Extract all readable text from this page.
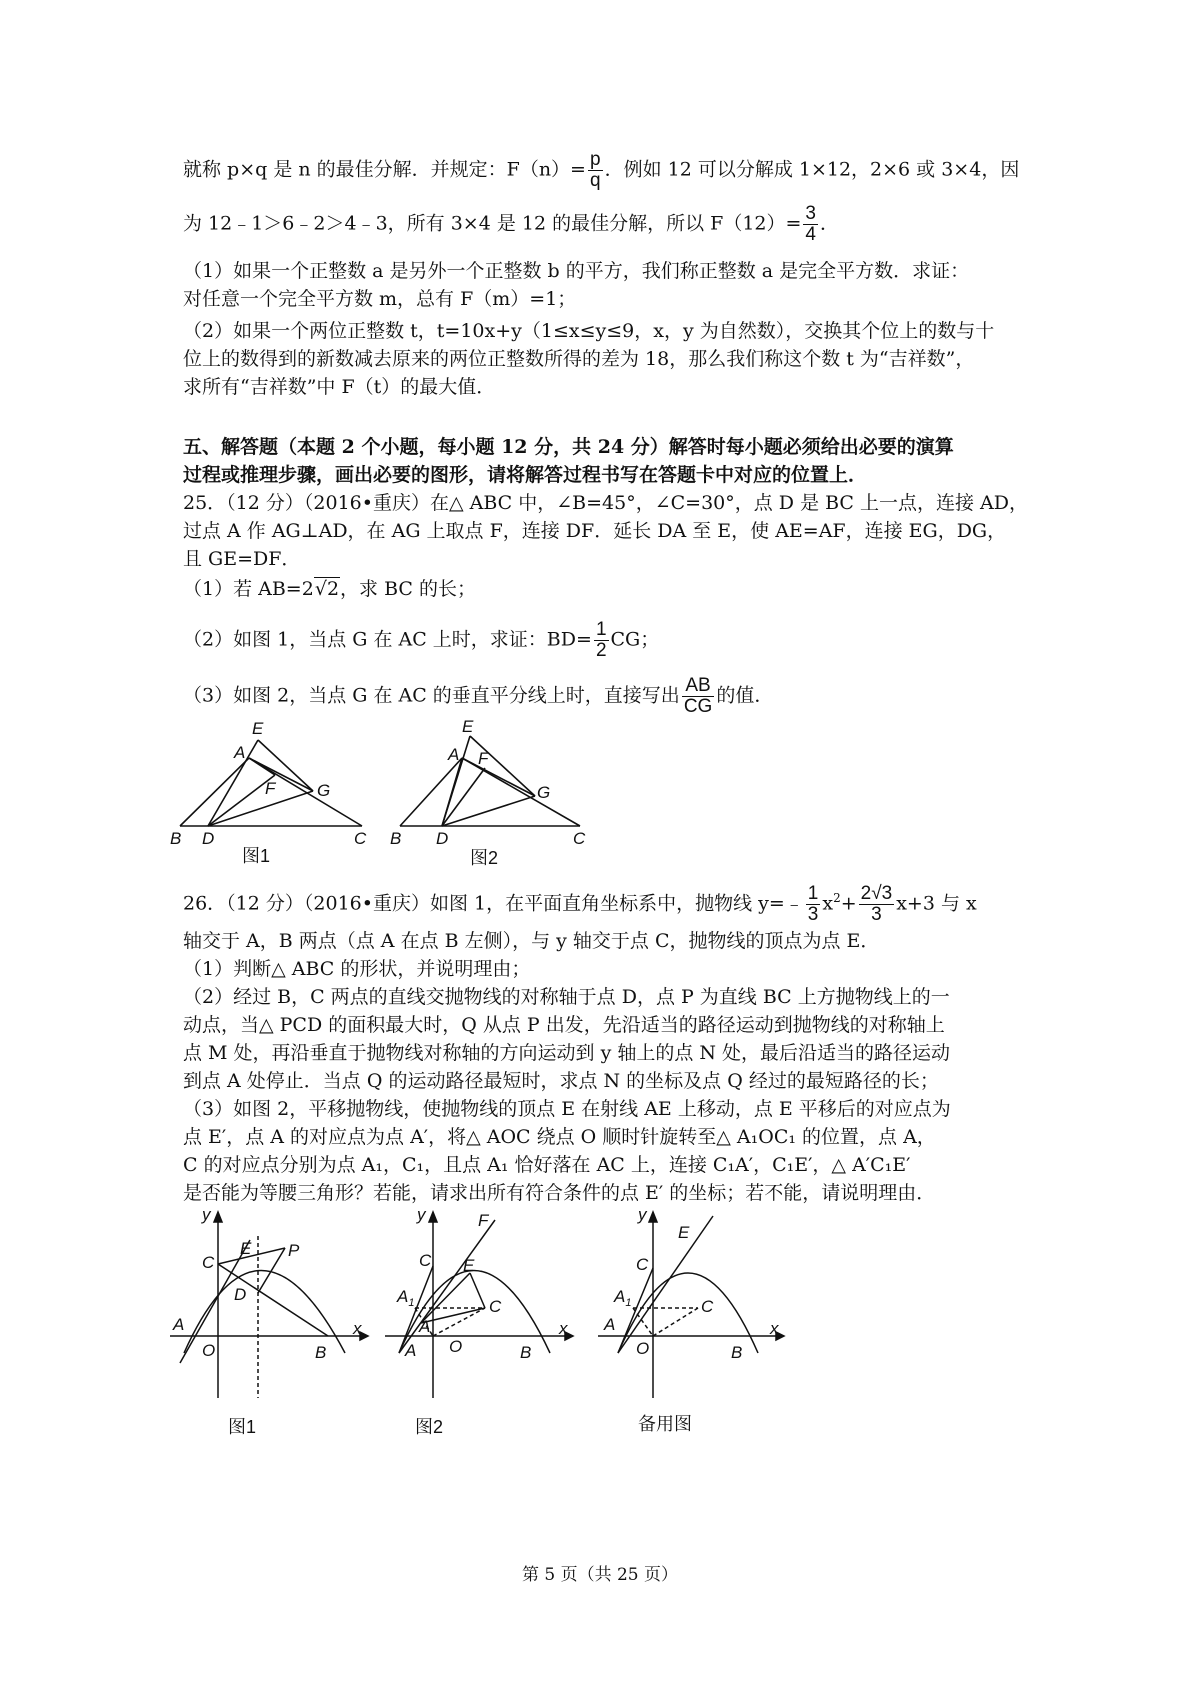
就称 p×q 是 n 的最佳分解．并规定：$F(n)= \frac{p}{q}$ ．例如 12 可以分解成 1×12，2×6 或 3×4，因
为 12﹣1＞6﹣2＞4﹣3，所有 3×4 是 12 的最佳分解，所以 $F(12)= \frac{3}{4}$ ．
（1）如果一个正整数 a 是另外一个正整数 b 的平方，我们称正整数 a 是完全平方数．求证：
对任意一个完全平方数 m，总有 F（m）=1；
（2）如果一个两位正整数 t，t=10x+y（1≤x≤y≤9，x，y 为自然数），交换其个位上的数与十
位上的数得到的新数减去原来的两位正整数所得的差为 18，那么我们称这个数 t 为“吉祥数”，
求所有“吉祥数”中 F（t）的最大值．
五、解答题（本题 2 个小题，每小题 12 分，共 24 分）解答时每小题必须给出必要的演算
过程或推理步骤，画出必要的图形，请将解答过程书写在答题卡中对应的位置上．
25．（12 分）（2016•重庆）在△ ABC 中，∠B=45°，∠C=30°，点 D 是 BC 上一点，连接 AD，
过点 A 作 AG⊥AD，在 AG 上取点 F，连接 DF．延长 DA 至 E，使 AE=AF，连接 EG，DG，
且 GE=DF．
（1）若 AB=2√2，求 BC 的长；
（2）如图 1，当点 G 在 AC 上时，求证：$BD= \frac{1}{2}$ CG；
（3）如图 2，当点 G 在 AC 的垂直平分线上时，直接写出 $\frac{AB}{CG}$ 的值．
E
A
F G
B D	C
图1
E
A F
G
B D	C
图2
26．（12 分）（2016•重庆）如图 1，在平面直角坐标系中，抛物线 y=﹣ $\frac{1}{3} x^2+ \frac{2√3}{3} x+3$ 与 x
轴交于 A，B 两点（点 A 在点 B 左侧），与 y 轴交于点 C，抛物线的顶点为点 E．
（1）判断△ ABC 的形状，并说明理由；
（2）经过 B，C 两点的直线交抛物线的对称轴于点 D，点 P 为直线 BC 上方抛物线上的一
动点，当△ PCD 的面积最大时，Q 从点 P 出发，先沿适当的路径运动到抛物线的对称轴上
点 M 处，再沿垂直于抛物线对称轴的方向运动到 y 轴上的点 N 处，最后沿适当的路径运动
到点 A 处停止．当点 Q 的运动路径最短时，求点 N 的坐标及点 Q 经过的最短路径的长；
（3）如图 2，平移抛物线，使抛物线的顶点 E 在射线 AE 上移动，点 E 平移后的对应点为
点 E′，点 A 的对应点为点 A′，将△ AOC 绕点 O 顺时针旋转至△ A₁OC₁ 的位置，点 A，
C 的对应点分别为点 A₁，C₁，且点 A₁ 恰好落在 AC 上，连接 C₁A′，C₁E′，△ A′C₁E′
是否能为等腰三角形？若能，请求出所有符合条件的点 E′ 的坐标；若不能，请说明理由．
y
x
C
E P
D
A
O	B
图1
y
x
F
C E
$A_1$	C
A
A O	B
图2
y
x
E
C
$A_1$	C
A
O	B
备用图
第 5 页（共 25 页）
